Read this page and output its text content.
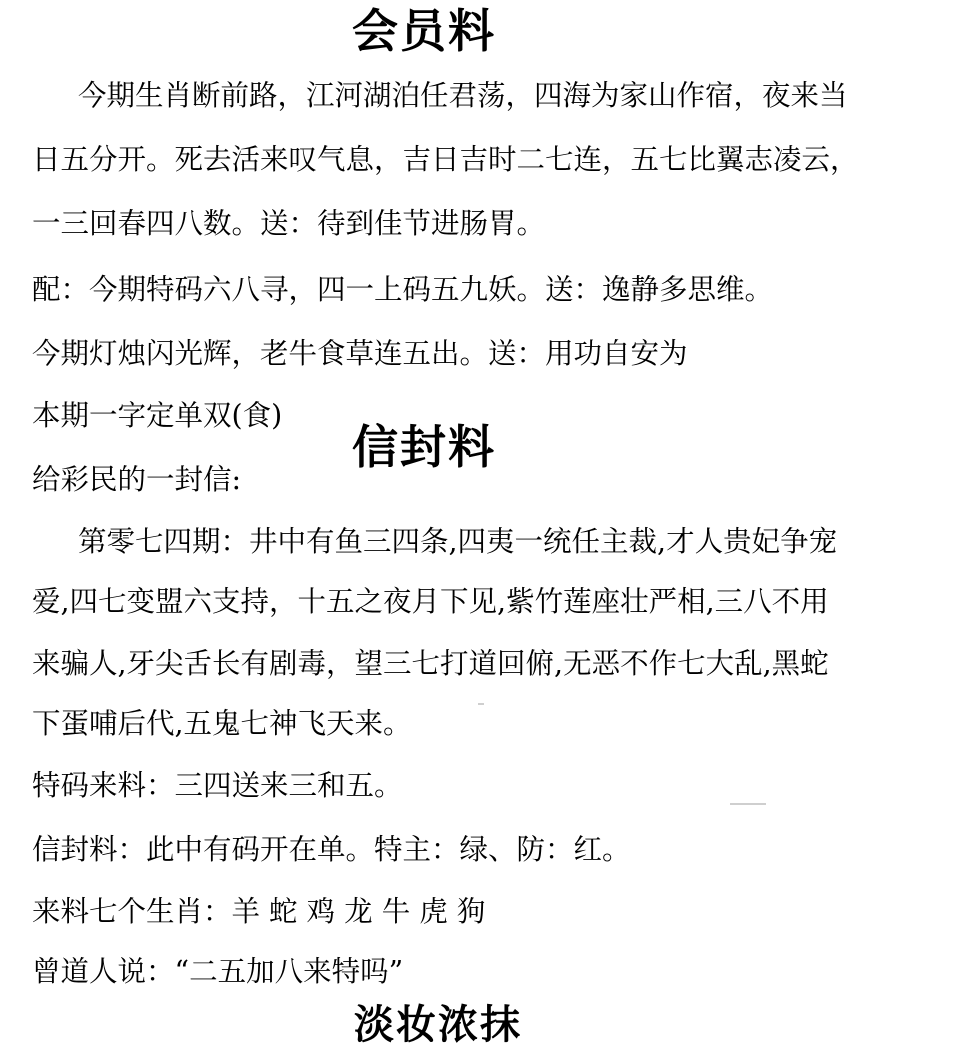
会员料
今期生肖断前路，江河湖泊任君荡，四海为家山作宿，夜来当
日五分开。死去活来叹气息，吉日吉时二七连，五七比翼志凌云，
一三回春四八数。送：待到佳节进肠胃。
配：今期特码六八寻，四一上码五九妖。送：逸静多思维。
今期灯烛闪光辉，老牛食草连五出。送：用功自安为
本期一字定单双(食)
信封料
给彩民的一封信:
第零七四期：井中有鱼三四条,四夷一统任主裁,才人贵妃争宠
爱,四七变盟六支持，十五之夜月下见,紫竹莲座壮严相,三八不用
来骗人,牙尖舌长有剧毒，望三七打道回俯,无恶不作七大乱,黑蛇
下蛋哺后代,五鬼七神飞天来。
特码来料：三四送来三和五。
信封料：此中有码开在单。特主：绿、防：红。
来料七个生肖：羊 蛇 鸡 龙 牛 虎 狗
曾道人说：“二五加八来特吗”
淡妆浓抹
